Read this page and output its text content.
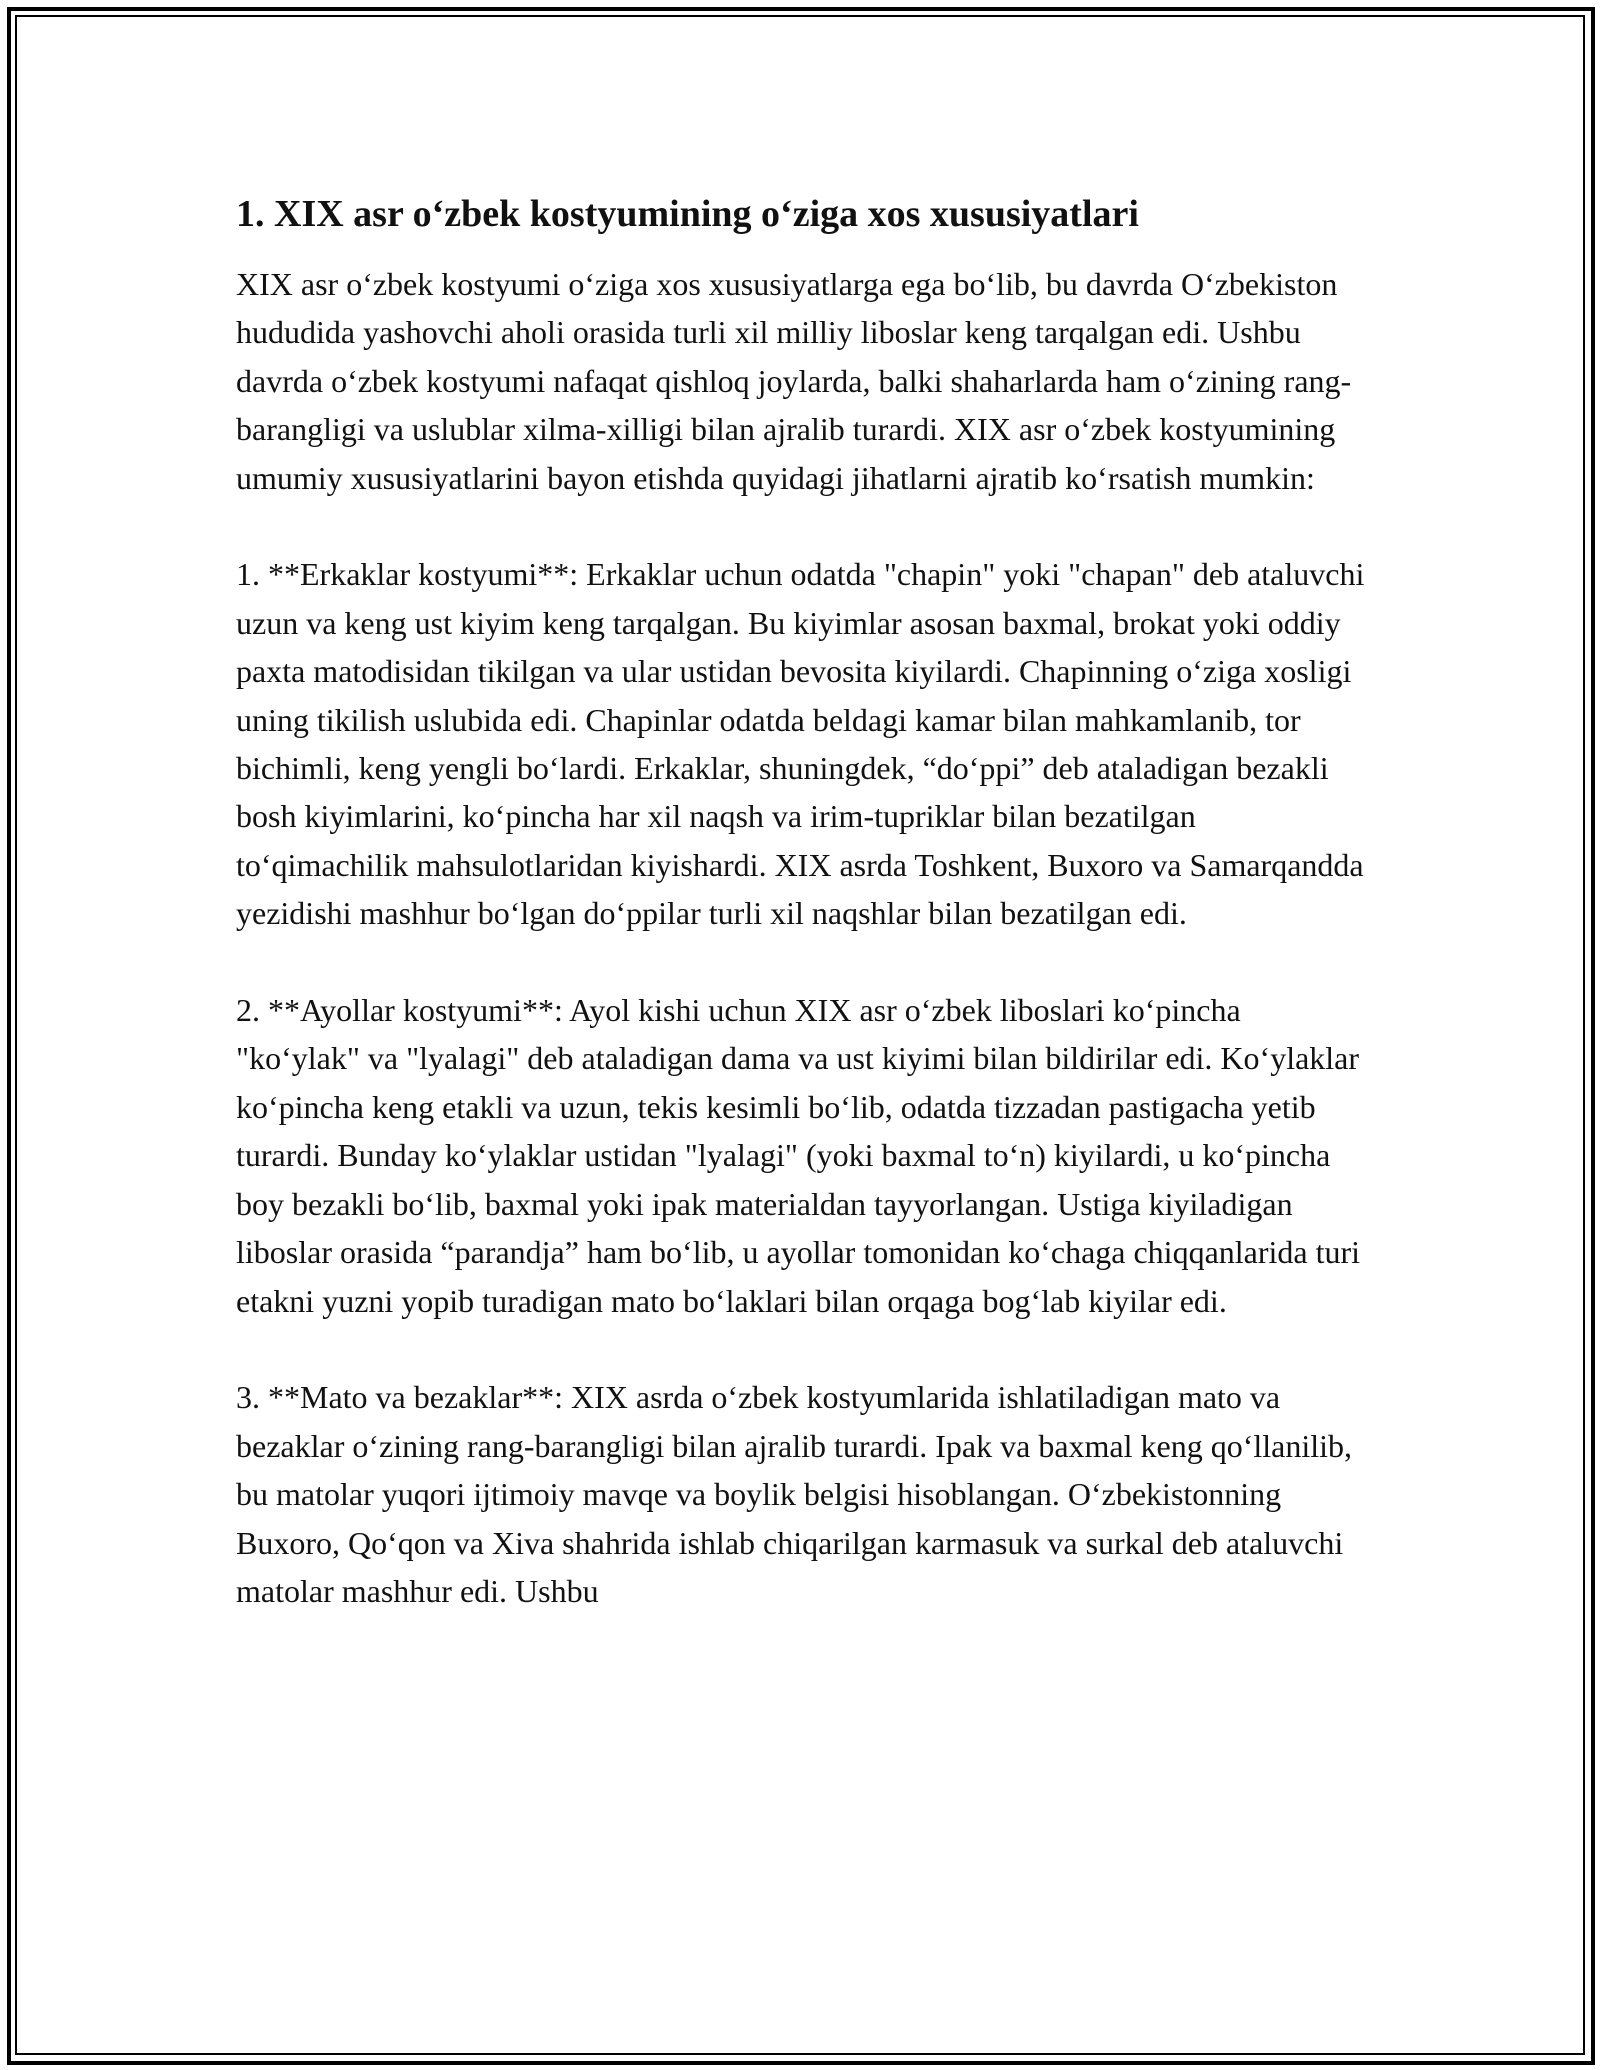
1. XIX asr o‘zbek kostyumining o‘ziga xos xususiyatlari

XIX asr o‘zbek kostyumi o‘ziga xos xususiyatlarga ega bo‘lib, bu davrda O‘zbekiston hududida yashovchi aholi orasida turli xil milliy liboslar keng tarqalgan edi. Ushbu davrda o‘zbek kostyumi nafaqat qishloq joylarda, balki shaharlarda ham o‘zining rang-barangligi va uslublar xilma-xilligi bilan ajralib turardi. XIX asr o‘zbek kostyumining umumiy xususiyatlarini bayon etishda quyidagi jihatlarni ajratib ko‘rsatish mumkin:

1. **Erkaklar kostyumi**: Erkaklar uchun odatda "chapin" yoki "chapan" deb ataluvchi uzun va keng ust kiyim keng tarqalgan. Bu kiyimlar asosan baxmal, brokat yoki oddiy paxta matodisidan tikilgan va ular ustidan bevosita kiyilardi. Chapinning o‘ziga xosligi uning tikilish uslubida edi. Chapinlar odatda beldagi kamar bilan mahkamlanib, tor bichimli, keng yengli bo‘lardi. Erkaklar, shuningdek, “do‘ppi” deb ataladigan bezakli bosh kiyimlarini, ko‘pincha har xil naqsh va irim-tupriklar bilan bezatilgan to‘qimachilik mahsulotlaridan kiyishardi. XIX asrda Toshkent, Buxoro va Samarqandda yezidishi mashhur bo‘lgan do‘ppilar turli xil naqshlar bilan bezatilgan edi.

2. **Ayollar kostyumi**: Ayol kishi uchun XIX asr o‘zbek liboslari ko‘pincha "ko‘ylak" va "lyalagi" deb ataladigan dama va ust kiyimi bilan bildirilar edi. Ko‘ylaklar ko‘pincha keng etakli va uzun, tekis kesimli bo‘lib, odatda tizzadan pastigacha yetib turardi. Bunday ko‘ylaklar ustidan "lyalagi" (yoki baxmal to‘n) kiyilardi, u ko‘pincha boy bezakli bo‘lib, baxmal yoki ipak materialdan tayyorlangan. Ustiga kiyiladigan liboslar orasida “parandja” ham bo‘lib, u ayollar tomonidan ko‘chaga chiqqanlarida turi etakni yuzni yopib turadigan mato bo‘laklari bilan orqaga bog‘lab kiyilar edi.

3. **Mato va bezaklar**: XIX asrda o‘zbek kostyumlarida ishlatiladigan mato va bezaklar o‘zining rang-barangligi bilan ajralib turardi. Ipak va baxmal keng qo‘llanilib, bu matolar yuqori ijtimoiy mavqe va boylik belgisi hisoblangan. O‘zbekistonning Buxoro, Qo‘qon va Xiva shahrida ishlab chiqarilgan karmasuk va surkal deb ataluvchi matolar mashhur edi. Ushbu
